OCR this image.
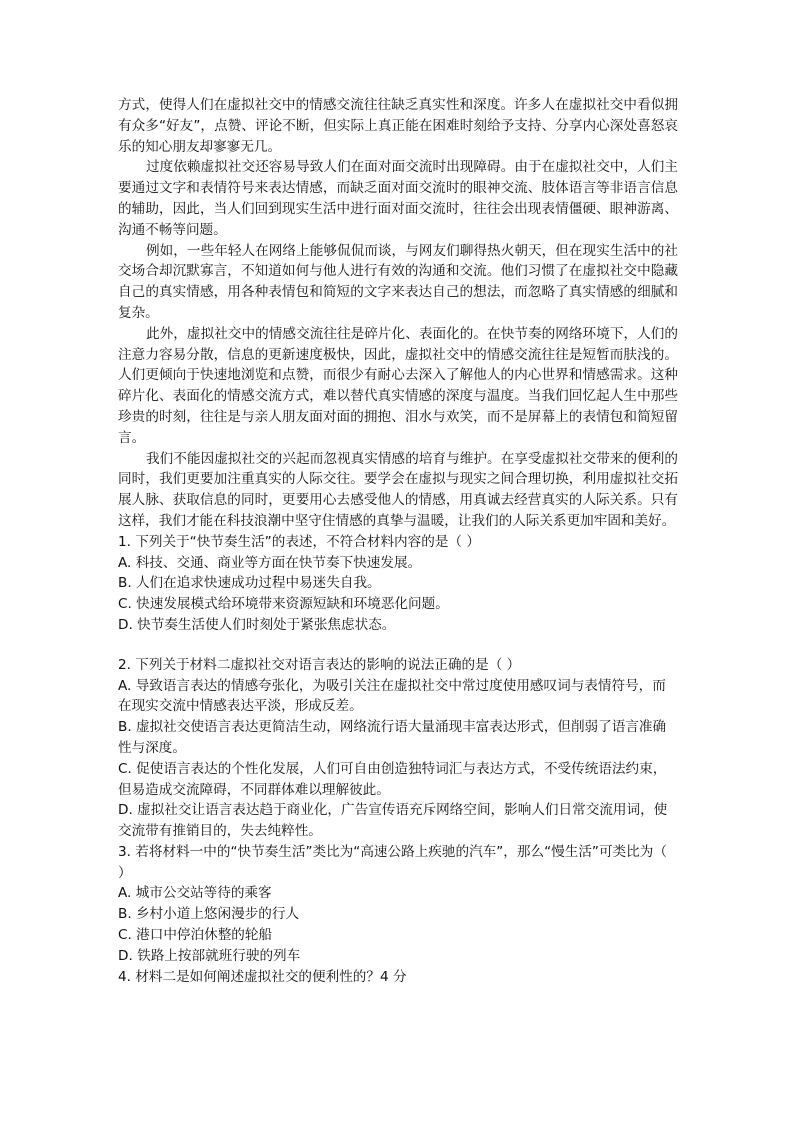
方式，使得人们在虚拟社交中的情感交流往往缺乏真实性和深度。许多人在虚拟社交中看似拥有众多“好友”，点赞、评论不断，但实际上真正能在困难时刻给予支持、分享内心深处喜怒哀乐的知心朋友却寥寥无几。

过度依赖虚拟社交还容易导致人们在面对面交流时出现障碍。由于在虚拟社交中，人们主要通过文字和表情符号来表达情感，而缺乏面对面交流时的眼神交流、肢体语言等非语言信息的辅助，因此，当人们回到现实生活中进行面对面交流时，往往会出现表情僵硬、眼神游离、沟通不畅等问题。

例如，一些年轻人在网络上能够侃侃而谈，与网友们聊得热火朝天，但在现实生活中的社交场合却沉默寡言，不知道如何与他人进行有效的沟通和交流。他们习惯了在虚拟社交中隐藏自己的真实情感，用各种表情包和简短的文字来表达自己的想法，而忽略了真实情感的细腻和复杂。

此外，虚拟社交中的情感交流往往是碎片化、表面化的。在快节奏的网络环境下，人们的注意力容易分散，信息的更新速度极快，因此，虚拟社交中的情感交流往往是短暂而肤浅的。人们更倾向于快速地浏览和点赞，而很少有耐心去深入了解他人的内心世界和情感需求。这种碎片化、表面化的情感交流方式，难以替代真实情感的深度与温度。当我们回忆起人生中那些珍贵的时刻，往往是与亲人朋友面对面的拥抱、泪水与欢笑，而不是屏幕上的表情包和简短留言。

我们不能因虚拟社交的兴起而忽视真实情感的培育与维护。在享受虚拟社交带来的便利的同时，我们更要加注重真实的人际交往。要学会在虚拟与现实之间合理切换，利用虚拟社交拓展人脉、获取信息的同时，更要用心去感受他人的情感，用真诚去经营真实的人际关系。只有这样，我们才能在科技浪潮中坚守住情感的真挚与温暖，让我们的人际关系更加牢固和美好。

1. 下列关于“快节奏生活”的表述，不符合材料内容的是（ ）

A. 科技、交通、商业等方面在快节奏下快速发展。

B. 人们在追求快速成功过程中易迷失自我。

C. 快速发展模式给环境带来资源短缺和环境恶化问题。

D. 快节奏生活使人们时刻处于紧张焦虑状态。

2. 下列关于材料二虚拟社交对语言表达的影响的说法正确的是（ ）

A. 导致语言表达的情感夸张化，为吸引关注在虚拟社交中常过度使用感叹词与表情符号，而在现实交流中情感表达平淡，形成反差。

B. 虚拟社交使语言表达更简洁生动，网络流行语大量涌现丰富表达形式，但削弱了语言准确性与深度。

C. 促使语言表达的个性化发展，人们可自由创造独特词汇与表达方式，不受传统语法约束，但易造成交流障碍，不同群体难以理解彼此。

D. 虚拟社交让语言表达趋于商业化，广告宣传语充斥网络空间，影响人们日常交流用词，使交流带有推销目的，失去纯粹性。

3. 若将材料一中的“快节奏生活”类比为“高速公路上疾驰的汽车”，那么“慢生活”可类比为（ ）

A. 城市公交站等待的乘客

B. 乡村小道上悠闲漫步的行人

C. 港口中停泊休整的轮船

D. 铁路上按部就班行驶的列车

4. 材料二是如何阐述虚拟社交的便利性的？4 分
